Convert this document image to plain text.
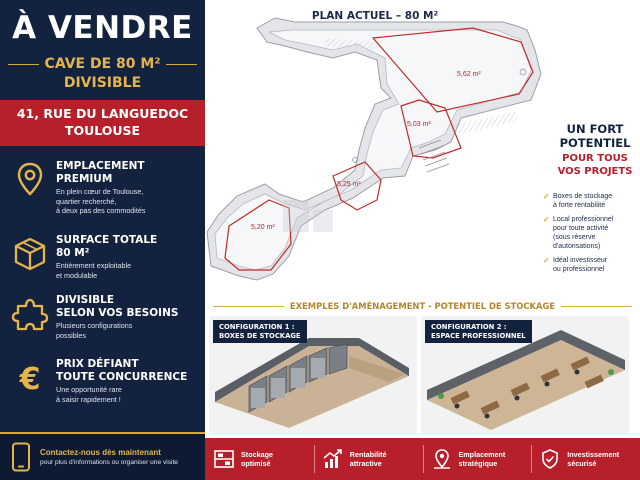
À VENDRE
CAVE DE 80 M²
DIVISIBLE
41, RUE DU LANGUEDOC
TOULOUSE
EMPLACEMENT
PREMIUM
En plein cœur de Toulouse,
quartier recherché,
à deux pas des commodités
SURFACE TOTALE
80 M²
Entièrement exploitable
et modulable
DIVISIBLE
SELON VOS BESOINS
Plusieurs configurations
possibles
€ PRIX DÉFIANT
TOUTE CONCURRENCE
Une opportunité rare
à saisir rapidement !
Contactez-nous dès maintenant
pour plus d'informations ou organiser une visite
PLAN ACTUEL – 80 M²
5,62 m²
5,03 m²
5,25 m²
5,20 m²
UN FORT
POTENTIEL
POUR TOUS
VOS PROJETS
✓ Boxes de stockage
à forte rentabilité
✓ Local professionnel
pour toute activité
(sous réserve
d'autorisations)
✓ Idéal investisseur
ou professionnel
EXEMPLES D'AMÉNAGEMENT - POTENTIEL DE STOCKAGE
CONFIGURATION 1 :
BOXES DE STOCKAGE
CONFIGURATION 2 :
ESPACE PROFESSIONNEL
Stockage
optimisé
Rentabilité
attractive
Emplacement
stratégique
Investissement
sécurisé
